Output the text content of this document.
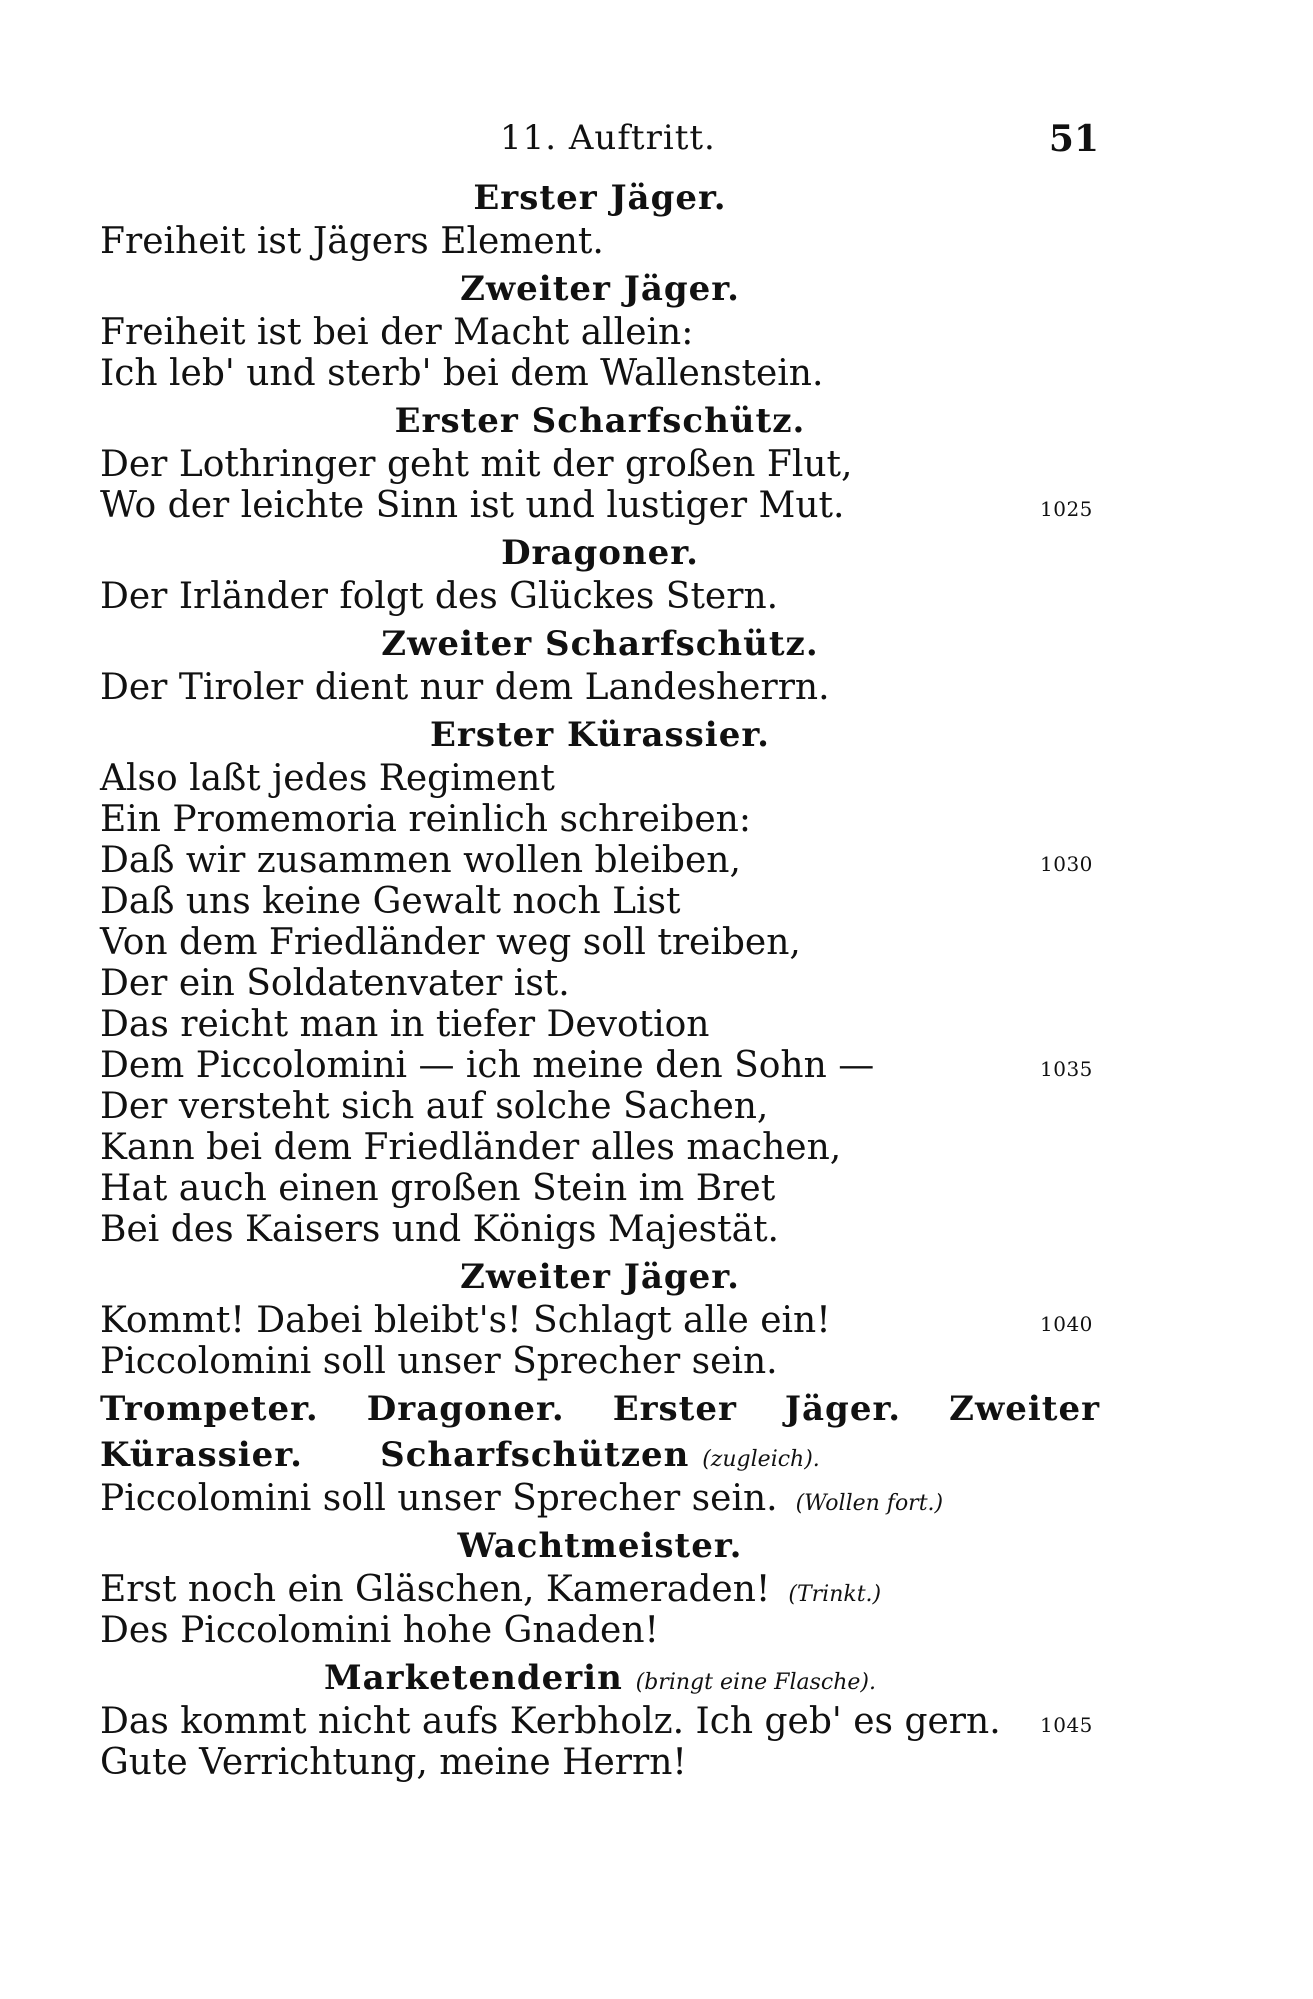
11. Auftritt.	51
Erster Jäger.
Freiheit ist Jägers Element.
Zweiter Jäger.
Freiheit ist bei der Macht allein:
Ich leb' und sterb' bei dem Wallenstein.
Erster Scharfschütz.
Der Lothringer geht mit der großen Flut,
Wo der leichte Sinn ist und lustiger Mut.	1025
Dragoner.
Der Irländer folgt des Glückes Stern.
Zweiter Scharfschütz.
Der Tiroler dient nur dem Landesherrn.
Erster Kürassier.
Also laßt jedes Regiment
Ein Promemoria reinlich schreiben:
Daß wir zusammen wollen bleiben,	1030
Daß uns keine Gewalt noch List
Von dem Friedländer weg soll treiben,
Der ein Soldatenvater ist.
Das reicht man in tiefer Devotion
Dem Piccolomini — ich meine den Sohn —	1035
Der versteht sich auf solche Sachen,
Kann bei dem Friedländer alles machen,
Hat auch einen großen Stein im Bret
Bei des Kaisers und Königs Majestät.
Zweiter Jäger.
Kommt! Dabei bleibt's! Schlagt alle ein!	1040
Piccolomini soll unser Sprecher sein.
Trompeter. Dragoner. Erster Jäger. Zweiter Kürassier.	Scharfschützen (zugleich).
Piccolomini soll unser Sprecher sein. (Wollen fort.)
Wachtmeister.
Erst noch ein Gläschen, Kameraden! (Trinkt.)
Des Piccolomini hohe Gnaden!
Marketenderin (bringt eine Flasche).
Das kommt nicht aufs Kerbholz. Ich geb' es gern. 1045
Gute Verrichtung, meine Herrn!
